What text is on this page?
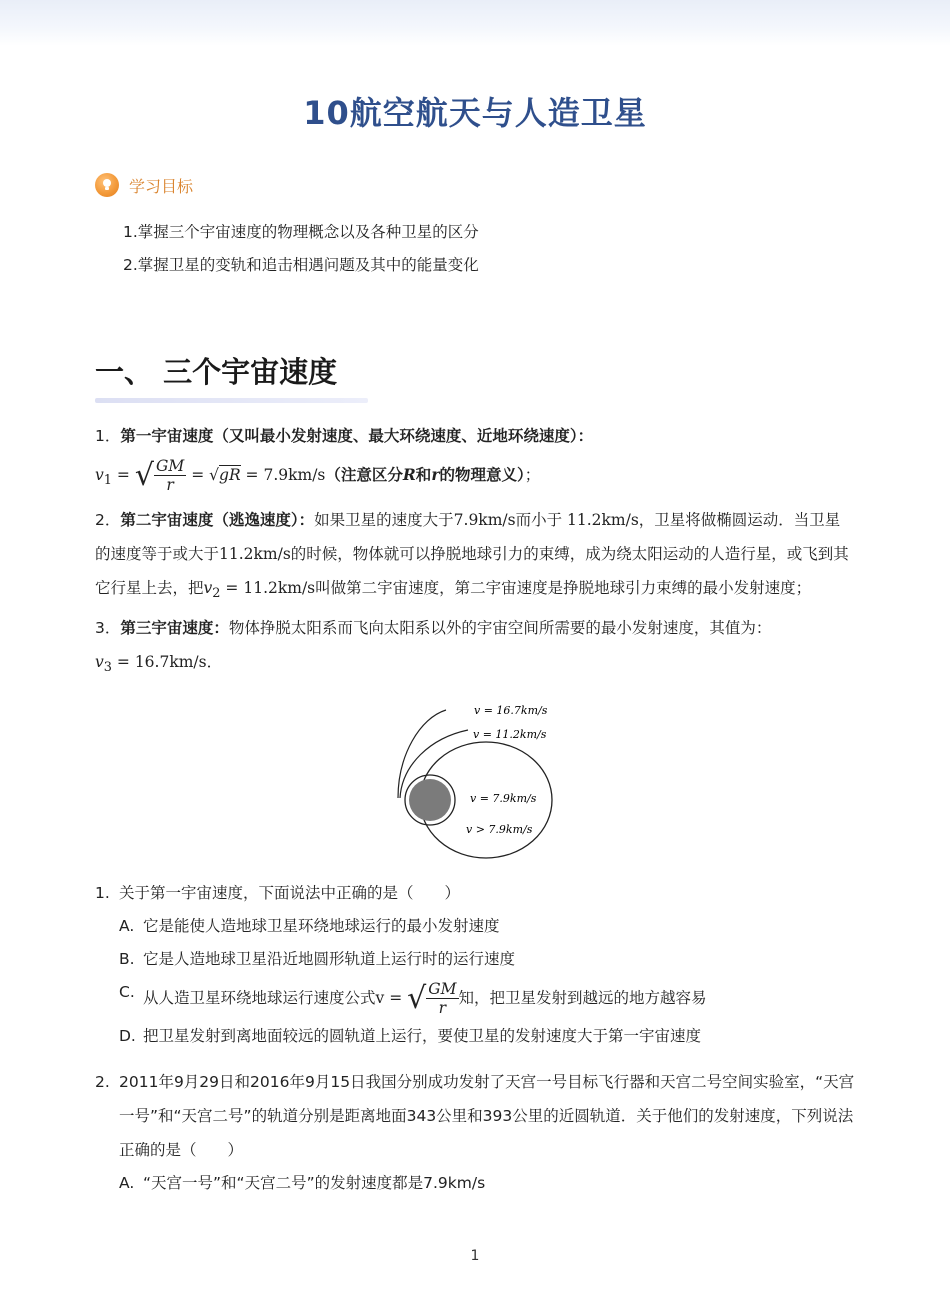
10航空航天与人造卫星
学习目标
1.掌握三个宇宙速度的物理概念以及各种卫星的区分
2.掌握卫星的变轨和追击相遇问题及其中的能量变化
一、 三个宇宙速度

1．第一宇宙速度（又叫最小发射速度、最大环绕速度、近地环绕速度）：

$v_1$ = √ $\frac{GM}{r} = √gR = 7.9km/s$（注意区分R和r的物理意义）；

2．第二宇宙速度（逃逸速度）：如果卫星的速度大于7.9km/s而小于 11.2km/s，卫星将做椭圆运动．当卫星的速度等于或大于11.2km/s的时候，物体就可以挣脱地球引力的束缚，成为绕太阳运动的人造行星，或飞到其它行星上去，把$v_2 = 11.2km/s$叫做第二宇宙速度，第二宇宙速度是挣脱地球引力束缚的最小发射速度；

3．第三宇宙速度：物体挣脱太阳系而飞向太阳系以外的宇宙空间所需要的最小发射速度，其值为：

$v_3 = 16.7km/s$．

v = 16.7km/s
v = 11.2km/s
v = 7.9km/s
v > 7.9km/s
1. 关于第一宇宙速度，下面说法中正确的是（　　）
A. 它是能使人造地球卫星环绕地球运行的最小发射速度
B. 它是人造地球卫星沿近地圆形轨道上运行时的运行速度
C. 从人造卫星环绕地球运行速度公式v = √ $\frac{GM}{r}$ 知，把卫星发射到越远的地方越容易
D. 把卫星发射到离地面较远的圆轨道上运行，要使卫星的发射速度大于第一宇宙速度
2. 2011年9月29日和2016年9月15日我国分别成功发射了天宫一号目标飞行器和天宫二号空间实验室，“天宫一号”和“天宫二号”的轨道分别是距离地面343公里和393公里的近圆轨道．关于他们的发射速度，下列说法正确的是（　　）
A. “天宫一号”和“天宫二号”的发射速度都是7.9km/s
1
